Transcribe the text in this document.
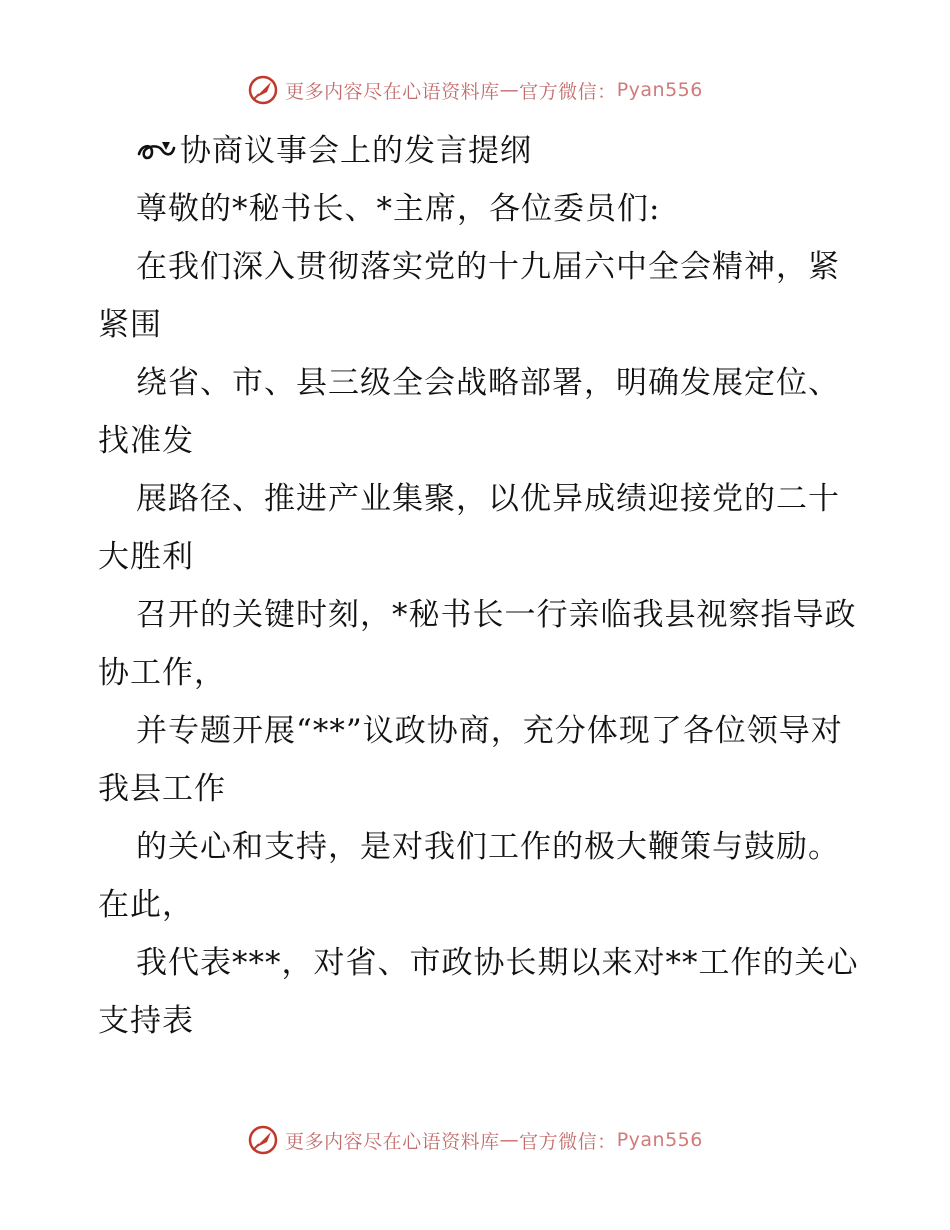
更多内容尽在心语资料库 — 官方微信： Pyan556
协商议事会上的发言提纲

尊敬的*秘书长、*主席，各位委员们:

在我们深入贯彻落实党的十九届六中全会精神，紧紧围

绕省、市、县三级全会战略部署，明确发展定位、找准发

展路径、推进产业集聚，以优异成绩迎接党的二十大胜利

召开的关键时刻，*秘书长一行亲临我县视察指导政协工作，

并专题开展“**”议政协商，充分体现了各位领导对我县工作

的关心和支持，是对我们工作的极大鞭策与鼓励。在此，

我代表***，对省、市政协长期以来对**工作的关心支持表

更多内容尽在心语资料库 — 官方微信： Pyan556
